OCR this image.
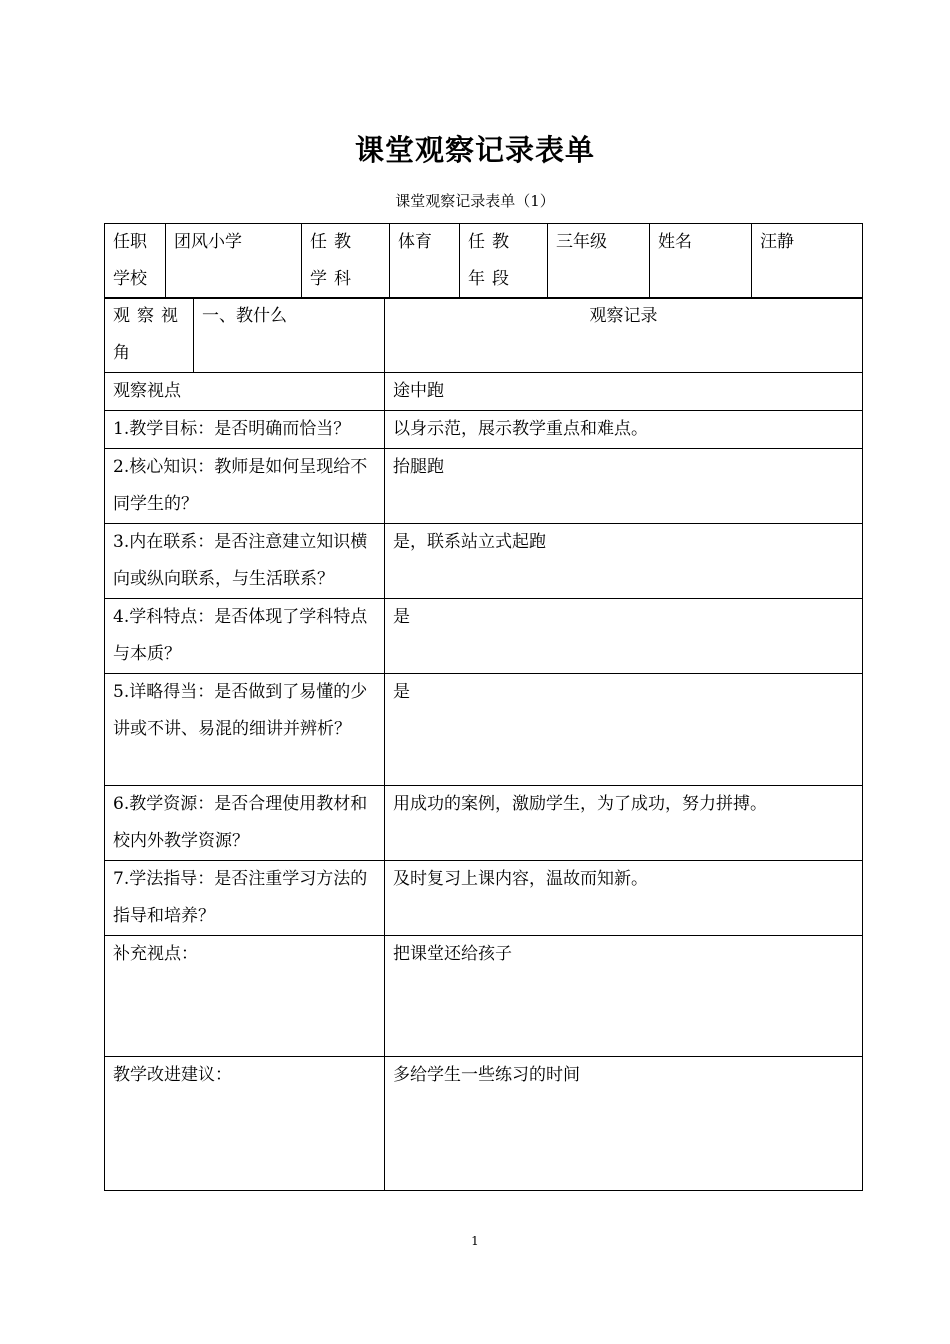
课堂观察记录表单
课堂观察记录表单（1）
任职学校	团风小学	任教学科	体育	任教年段	三年级	姓名	汪静
观察视角	一、教什么	观察记录
观察视点	途中跑
1.教学目标：是否明确而恰当？	以身示范，展示教学重点和难点。
2.核心知识：教师是如何呈现给不同学生的？	抬腿跑
3.内在联系：是否注意建立知识横向或纵向联系，与生活联系？	是，联系站立式起跑
4.学科特点：是否体现了学科特点与本质？	是
5.详略得当：是否做到了易懂的少讲或不讲、易混的细讲并辨析？	是
6.教学资源：是否合理使用教材和校内外教学资源？	用成功的案例，激励学生，为了成功，努力拼搏。
7.学法指导：是否注重学习方法的指导和培养？	及时复习上课内容，温故而知新。
补充视点：	把课堂还给孩子
教学改进建议：	多给学生一些练习的时间
1
